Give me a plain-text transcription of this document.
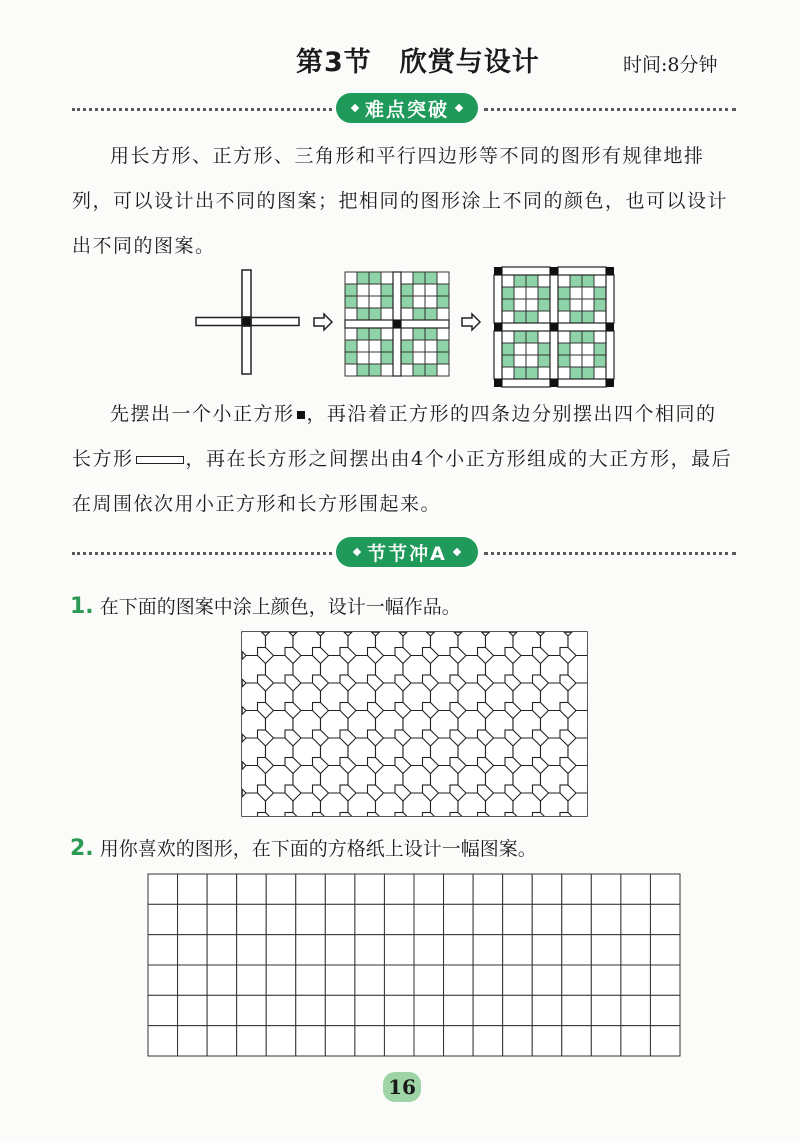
第3节　欣赏与设计	时间:8分钟
难点突破
用长方形、正方形、三角形和平行四边形等不同的图形有规律地排列，可以设计出不同的图案；把相同的图形涂上不同的颜色，也可以设计出不同的图案。
先摆出一个小正方形 ，再沿着正方形的四条边分别摆出四个相同的长方形	，再在长方形之间摆出由4个小正方形组成的大正方形，最后在周围依次用小正方形和长方形围起来。
节节冲A
1. 在下面的图案中涂上颜色，设计一幅作品。
2. 用你喜欢的图形，在下面的方格纸上设计一幅图案。
16
